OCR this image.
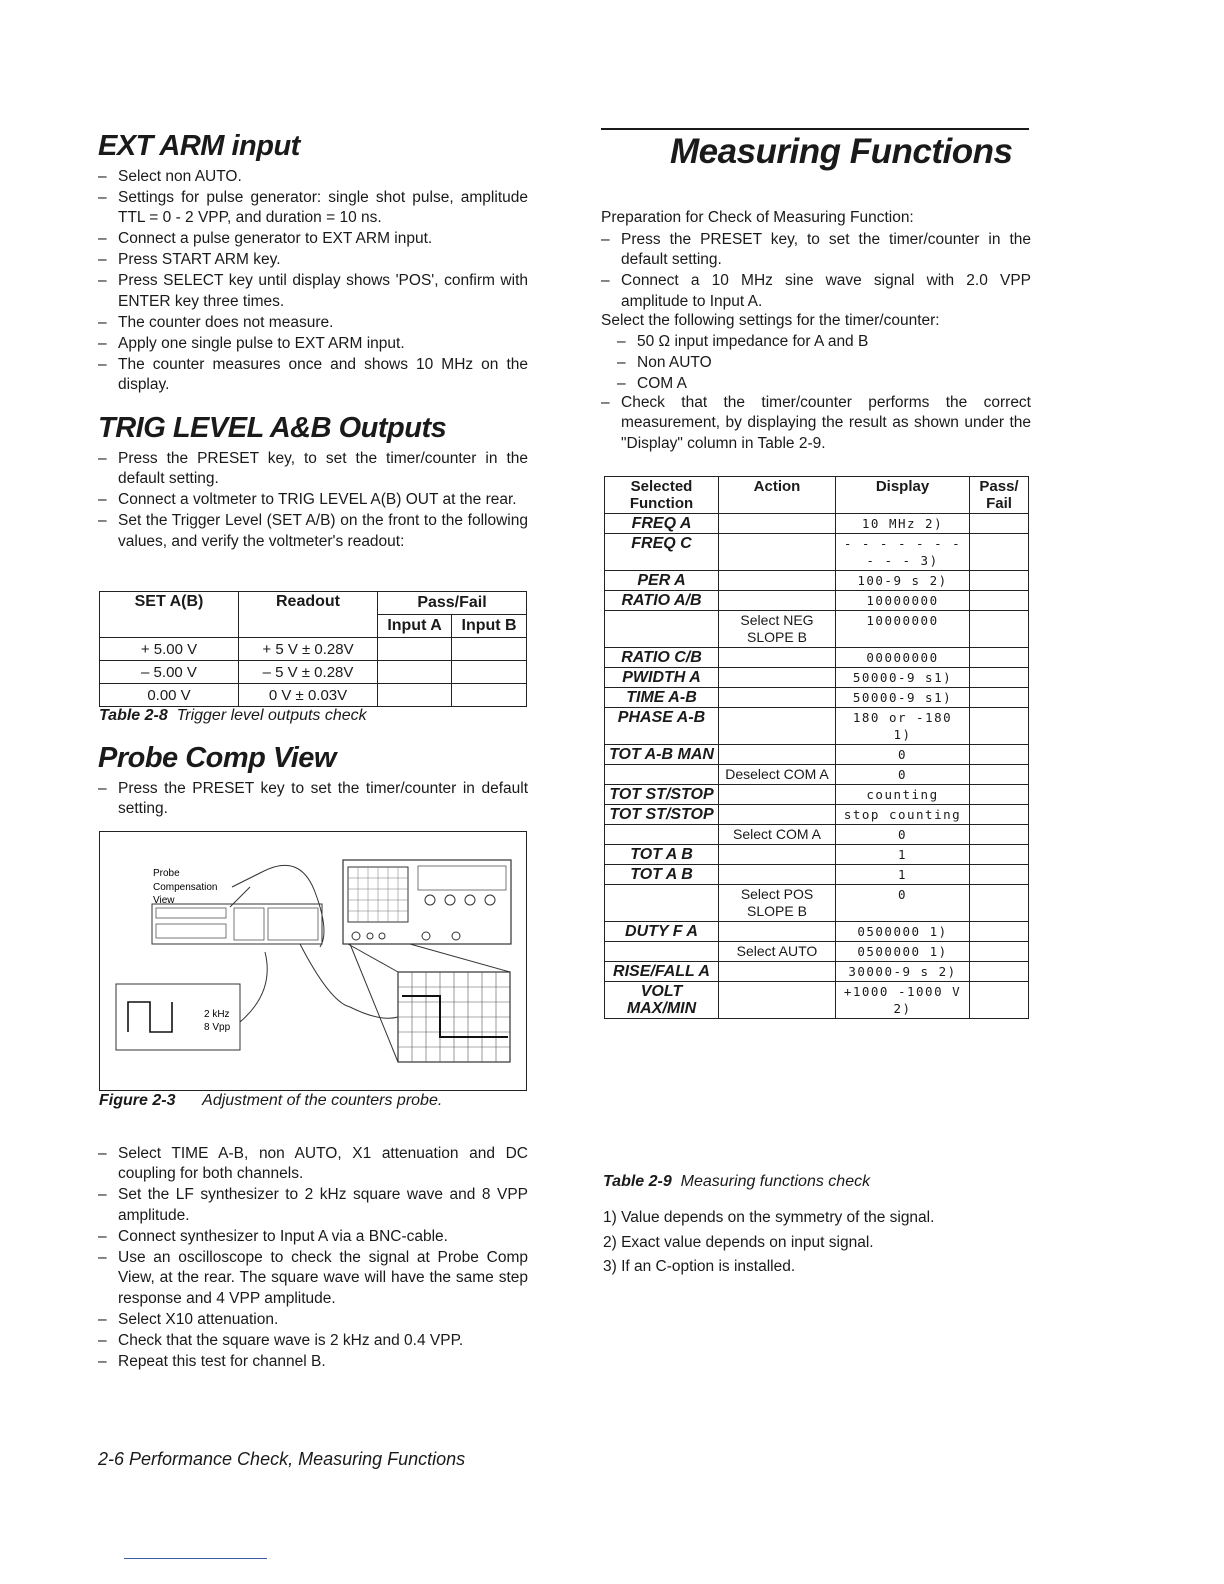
EXT ARM input
– Select non AUTO.
– Settings for pulse generator: single shot pulse, amplitude TTL = 0 - 2 VPP, and duration = 10 ns.
– Connect a pulse generator to EXT ARM input.
– Press START ARM key.
– Press SELECT key until display shows 'POS', confirm with ENTER key three times.
– The counter does not measure.
– Apply one single pulse to EXT ARM input.
– The counter measures once and shows 10 MHz on the display.
TRIG LEVEL A&B Outputs
– Press the PRESET key, to set the timer/counter in the default setting.
– Connect a voltmeter to TRIG LEVEL A(B) OUT at the rear.
– Set the Trigger Level (SET A/B) on the front to the following values, and verify the voltmeter's readout:
SET A(B)	Readout	Pass/Fail	
		Input A	Input B
+ 5.00 V	+ 5 V ± 0.28V		
– 5.00 V	– 5 V ± 0.28V		
0.00 V	0 V ± 0.03V		
Table 2-8 Trigger level outputs check
Probe Comp View
– Press the PRESET key to set the timer/counter in default setting.
2 kHz
8 Vpp
Probe
Compensation
View
Figure 2-3 Adjustment of the counters probe.
– Select TIME A-B, non AUTO, X1 attenuation and DC coupling for both channels.
– Set the LF synthesizer to 2 kHz square wave and 8 VPP amplitude.
– Connect synthesizer to Input A via a BNC-cable.
– Use an oscilloscope to check the signal at Probe Comp View, at the rear. The square wave will have the same step response and 4 VPP amplitude.
– Select X10 attenuation.
– Check that the square wave is 2 kHz and 0.4 VPP.
– Repeat this test for channel B.
2-6 Performance Check, Measuring Functions
Measuring Functions

Preparation for Check of Measuring Function:

– Press the PRESET key, to set the timer/counter in the default setting.
– Connect a 10 MHz sine wave signal with 2.0 VPP amplitude to Input A.

Select the following settings for the timer/counter:

– 50 Ω input impedance for A and B
– Non AUTO
– COM A
– Check that the timer/counter performs the correct measurement, by displaying the result as shown under the "Display" column in Table 2-9.
Selected Function	Action	Display	Pass/ Fail
FREQ A		10 MHz 2)	
FREQ C		- - - - - - - - - - 3)	
PER A		100-9 s 2)	
RATIO A/B		10000000	
	Select NEG SLOPE B	10000000	
RATIO C/B		00000000	
PWIDTH A		50000-9 s1)	
TIME A-B		50000-9 s1)	
PHASE A-B		180 or -180 1)	
TOT A-B MAN		0	
	Deselect COM A	0	
TOT ST/STOP		counting	
TOT ST/STOP		stop counting	
	Select COM A	0	
TOT A B		1	
TOT A B		1	
	Select POS SLOPE B	0	
DUTY F A		0500000 1)	
	Select AUTO	0500000 1)	
RISE/FALL A		30000-9 s 2)	
VOLT MAX/MIN		+1000 -1000 V 2)	
Table 2-9 Measuring functions check
1) Value depends on the symmetry of the signal.
2) Exact value depends on input signal.
3) If an C-option is installed.
